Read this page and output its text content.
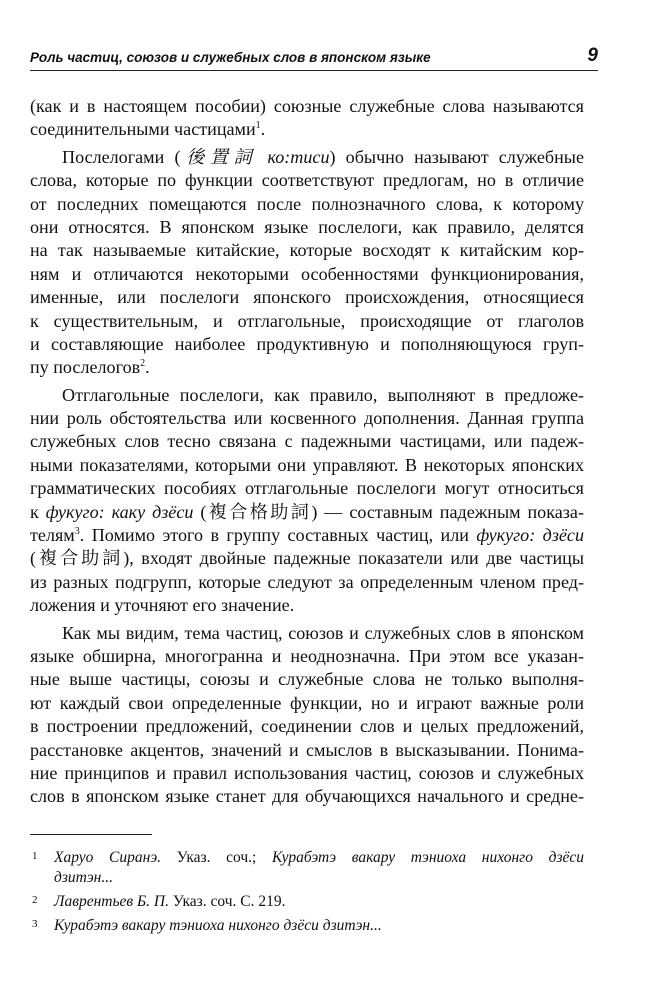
Роль частиц, союзов и служебных слов в японском языке	9
(как и в настоящем пособии) союзные служебные слова называются
соединительными частицами$^1$.
Послелогами (後置詞 ко:тиси) обычно называют служебные
слова, которые по функции соответствуют предлогам, но в отличие
от последних помещаются после полнозначного слова, к которому
они относятся. В японском языке послелоги, как правило, делятся
на так называемые китайские, которые восходят к китайским кор-
ням и отличаются некоторыми особенностями функционирования,
именные, или послелоги японского происхождения, относящиеся
к существительным, и отглагольные, происходящие от глаголов
и составляющие наиболее продуктивную и пополняющуюся груп-
пу послелогов$^2$.
Отглагольные послелоги, как правило, выполняют в предложе-
нии роль обстоятельства или косвенного дополнения. Данная группа
служебных слов тесно связана с падежными частицами, или падеж-
ными показателями, которыми они управляют. В некоторых японских
грамматических пособиях отглагольные послелоги могут относиться
к фукуго: каку дзёси (複合格助詞) — составным падежным показа-
телям$^3$. Помимо этого в группу составных частиц, или фукуго: дзёси
(複合助詞), входят двойные падежные показатели или две частицы
из разных подгрупп, которые следуют за определенным членом пред-
ложения и уточняют его значение.
Как мы видим, тема частиц, союзов и служебных слов в японском
языке обширна, многогранна и неоднозначна. При этом все указан-
ные выше частицы, союзы и служебные слова не только выполня-
ют каждый свои определенные функции, но и играют важные роли
в построении предложений, соединении слов и целых предложений,
расстановке акцентов, значений и смыслов в высказывании. Понима-
ние принципов и правил использования частиц, союзов и служебных
слов в японском языке станет для обучающихся начального и средне-
1 Харуо Сиранэ. Указ. соч.; Курабэтэ вакару тэниоха нихонго дзёси
дзитэн...
2 Лаврентьев Б. П. Указ. соч. С. 219.
3 Курабэтэ вакару тэниоха нихонго дзёси дзитэн...
